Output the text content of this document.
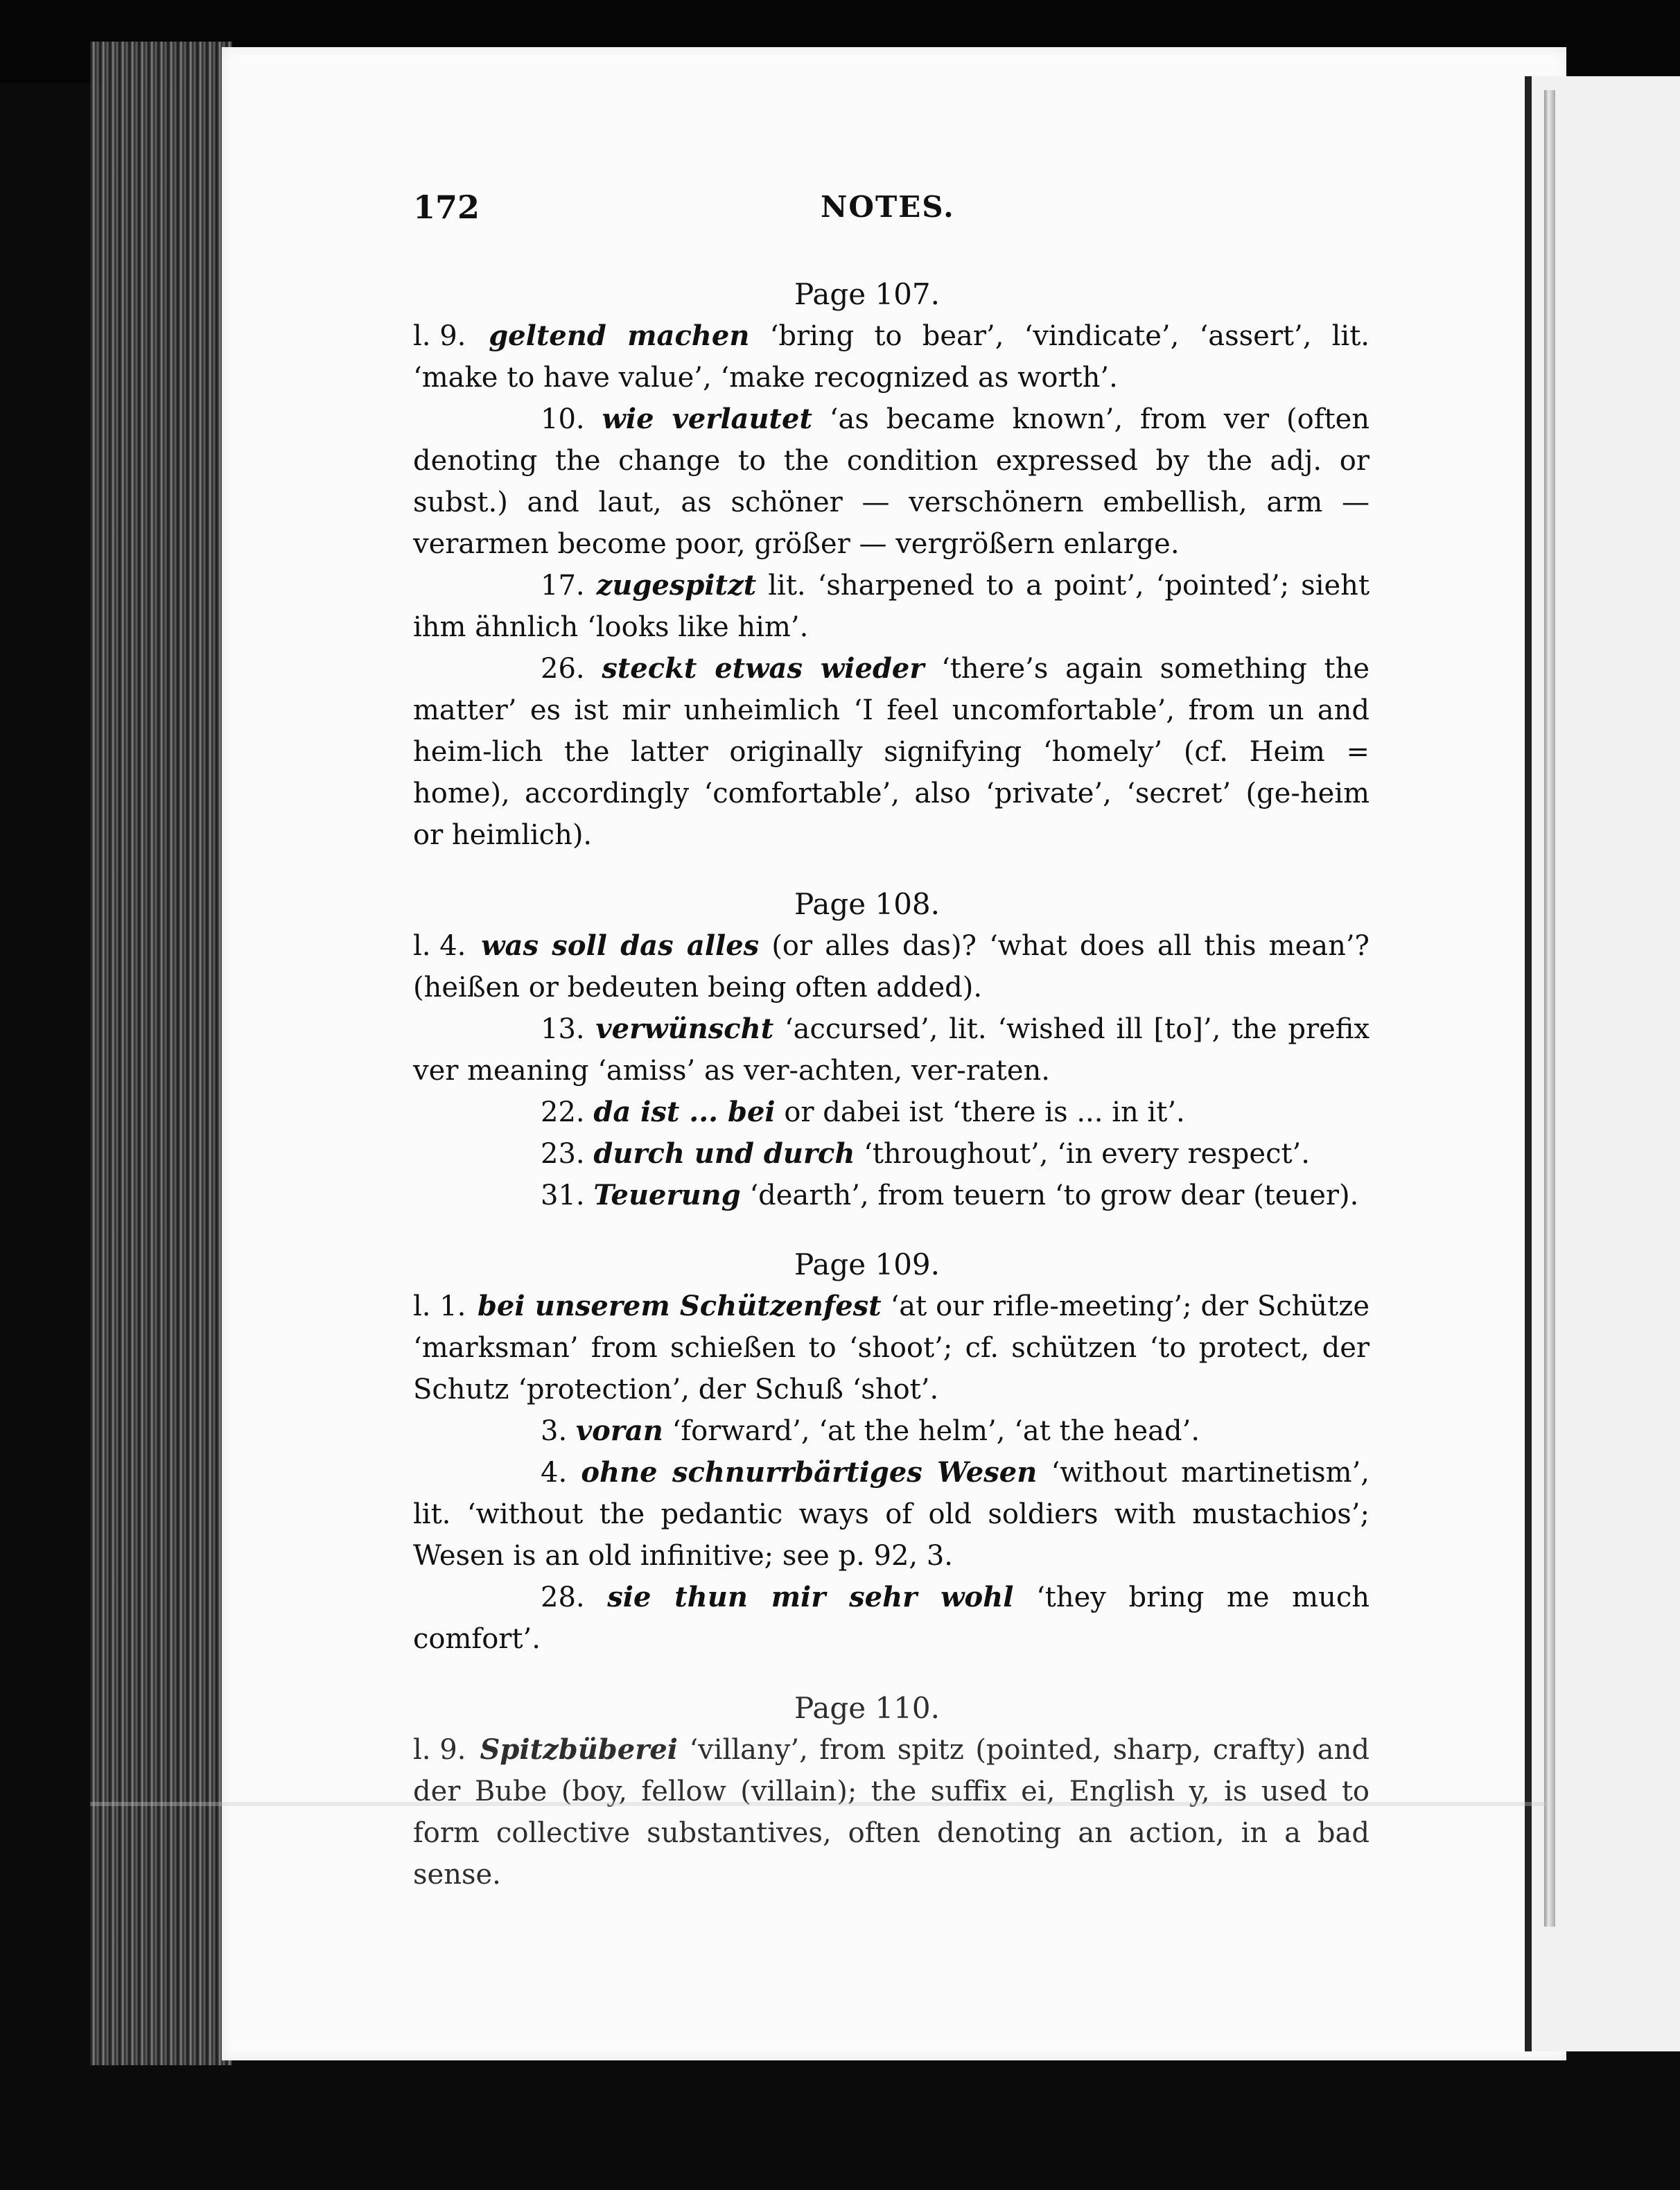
172	NOTES.

Page 107.

l. 9. geltend machen ‘bring to bear’, ‘vindicate’, ‘assert’, lit. ‘make to have value’, ‘make recognized as worth’.

10. wie verlautet ‘as became known’, from ver (often denoting the change to the condition expressed by the adj. or subst.) and laut, as schöner — verschönern embellish, arm — verarmen become poor, größer — vergrößern enlarge.

17. zugespitzt lit. ‘sharpened to a point’, ‘pointed’; sieht ihm ähnlich ‘looks like him’.

26. steckt etwas wieder ‘there’s again something the matter’ es ist mir unheimlich ‘I feel uncomfortable’, from un and heim-lich the latter originally signifying ‘homely’ (cf. Heim = home), accordingly ‘comfortable’, also ‘private’, ‘secret’ (ge-heim or heimlich).

Page 108.

l. 4. was soll das alles (or alles das)? ‘what does all this mean’? (heißen or bedeuten being often added).

13. verwünscht ‘accursed’, lit. ‘wished ill [to]’, the prefix ver meaning ‘amiss’ as ver-achten, ver-raten.

22. da ist ... bei or dabei ist ‘there is ... in it’.

23. durch und durch ‘throughout’, ‘in every respect’.

31. Teuerung ‘dearth’, from teuern ‘to grow dear (teuer).

Page 109.

l. 1. bei unserem Schützenfest ‘at our rifle-meeting’; der Schütze ‘marksman’ from schießen to ‘shoot’; cf. schützen ‘to protect, der Schutz ‘protection’, der Schuß ‘shot’.

3. voran ‘forward’, ‘at the helm’, ‘at the head’.

4. ohne schnurrbärtiges Wesen ‘without martinetism’, lit. ‘without the pedantic ways of old soldiers with mustachios’; Wesen is an old infinitive; see p. 92, 3.

28. sie thun mir sehr wohl ‘they bring me much comfort’.

Page 110.

l. 9. Spitzbüberei ‘villany’, from spitz (pointed, sharp, crafty) and der Bube (boy, fellow (villain); the suffix ei, English y, is used to form collective substantives, often denoting an action, in a bad sense.
